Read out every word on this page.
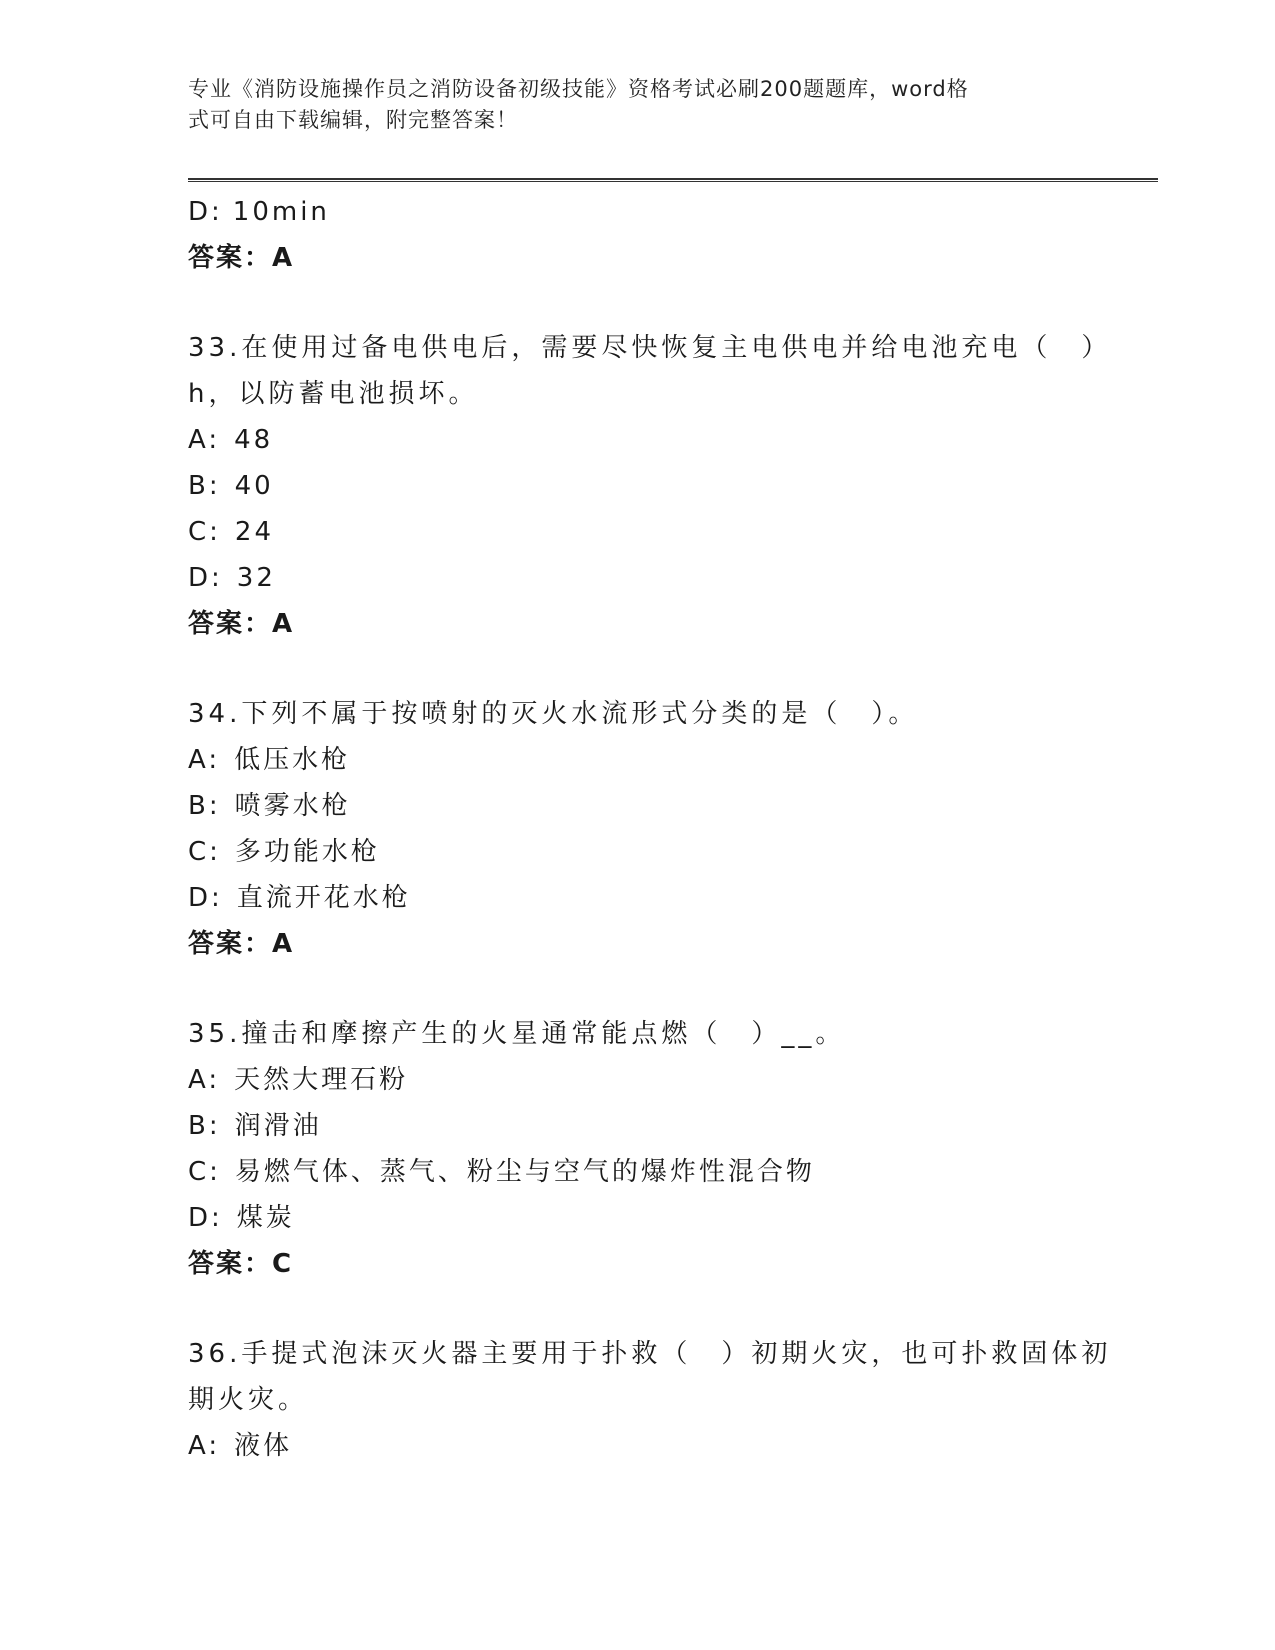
专业《消防设施操作员之消防设备初级技能》资格考试必刷200题题库，word格
式可自由下载编辑，附完整答案！
D: 10min
答案：A
33.在使用过备电供电后，需要尽快恢复主电供电并给电池充电（　）
h，以防蓄电池损坏。
A: 48
B: 40
C: 24
D: 32
答案：A
34.下列不属于按喷射的灭火水流形式分类的是（　）。
A: 低压水枪
B: 喷雾水枪
C: 多功能水枪
D: 直流开花水枪
答案：A
35.撞击和摩擦产生的火星通常能点燃（　）__。
A: 天然大理石粉
B: 润滑油
C: 易燃气体、蒸气、粉尘与空气的爆炸性混合物
D: 煤炭
答案：C
36.手提式泡沫灭火器主要用于扑救（　）初期火灾，也可扑救固体初
期火灾。
A: 液体
